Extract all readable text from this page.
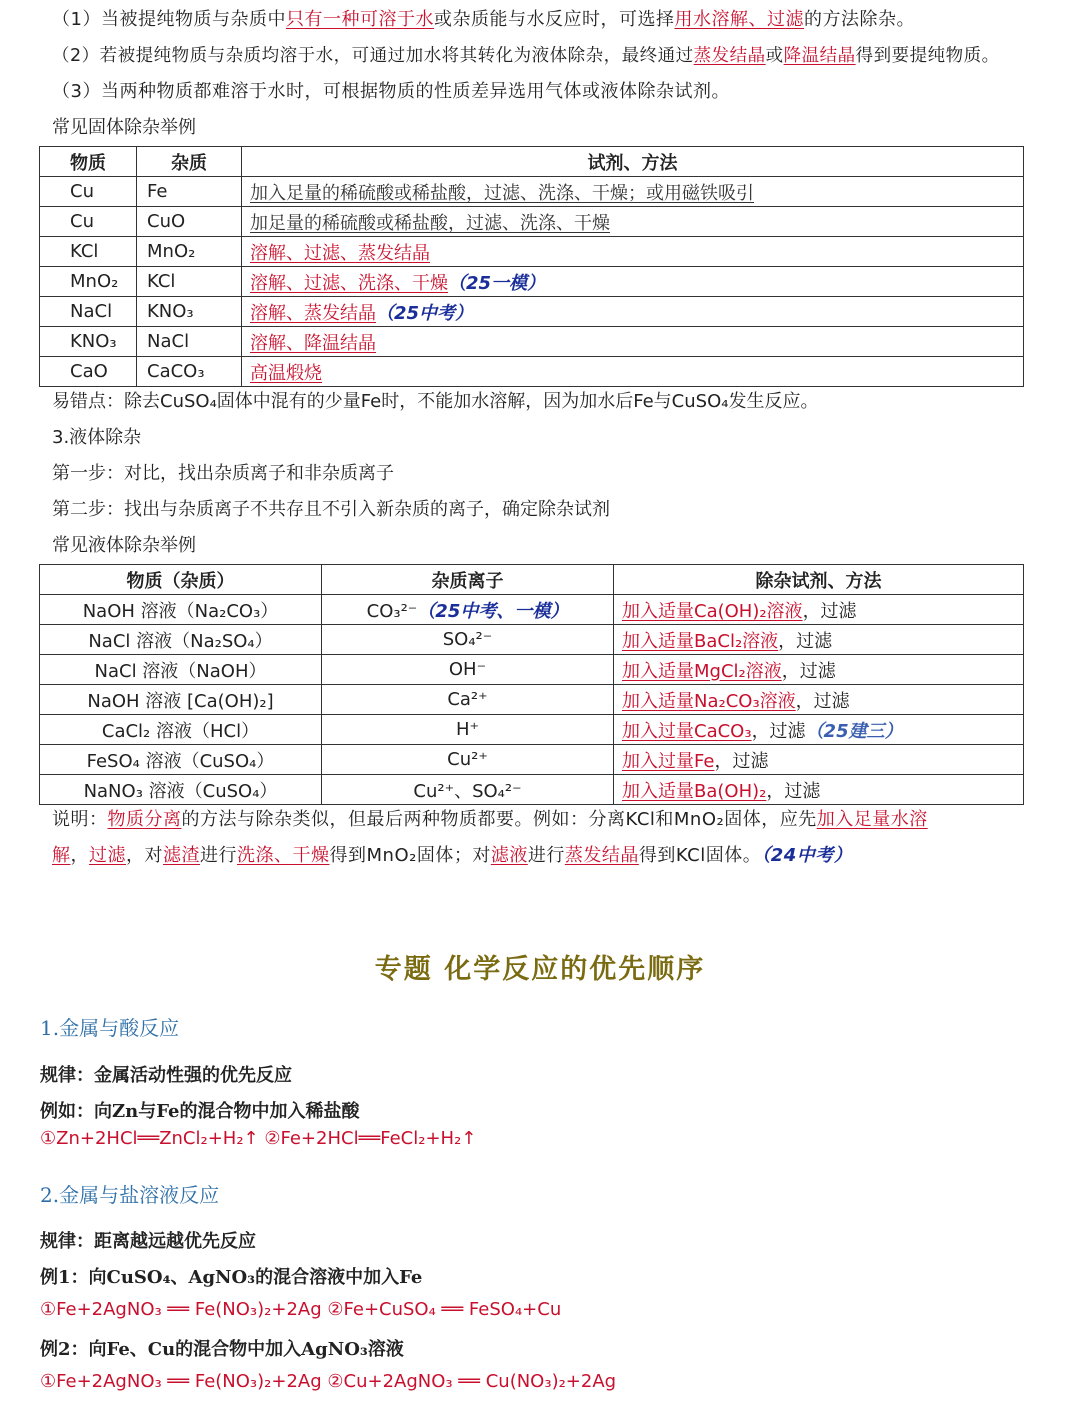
（1）当被提纯物质与杂质中只有一种可溶于水或杂质能与水反应时，可选择用水溶解、过滤的方法除杂。
（2）若被提纯物质与杂质均溶于水，可通过加水将其转化为液体除杂，最终通过蒸发结晶或降温结晶得到要提纯物质。
（3）当两种物质都难溶于水时，可根据物质的性质差异选用气体或液体除杂试剂。
常见固体除杂举例
物质	杂质	试剂、方法
Cu	Fe	加入足量的稀硫酸或稀盐酸，过滤、洗涤、干燥；或用磁铁吸引
Cu	CuO	加足量的稀硫酸或稀盐酸，过滤、洗涤、干燥
KCl	MnO₂	溶解、过滤、蒸发结晶
MnO₂	KCl	溶解、过滤、洗涤、干燥（25一模）
NaCl	KNO₃	溶解、蒸发结晶（25中考）
KNO₃	NaCl	溶解、降温结晶
CaO	CaCO₃	高温煅烧
易错点：除去CuSO₄固体中混有的少量Fe时，不能加水溶解，因为加水后Fe与CuSO₄发生反应。
3.液体除杂
第一步：对比，找出杂质离子和非杂质离子
第二步：找出与杂质离子不共存且不引入新杂质的离子，确定除杂试剂
常见液体除杂举例
物质（杂质）	杂质离子	除杂试剂、方法
NaOH 溶液（Na₂CO₃）	CO₃²⁻（25中考、一模）	加入适量Ca(OH)₂溶液，过滤
NaCl 溶液（Na₂SO₄）	SO₄²⁻	加入适量BaCl₂溶液，过滤
NaCl 溶液（NaOH）	OH⁻	加入适量MgCl₂溶液，过滤
NaOH 溶液 [Ca(OH)₂]	Ca²⁺	加入适量Na₂CO₃溶液，过滤
CaCl₂ 溶液（HCl）	H⁺	加入过量CaCO₃，过滤（25建三）
FeSO₄ 溶液（CuSO₄）	Cu²⁺	加入过量Fe，过滤
NaNO₃ 溶液（CuSO₄）	Cu²⁺、SO₄²⁻	加入适量Ba(OH)₂，过滤
说明：物质分离的方法与除杂类似，但最后两种物质都要。例如：分离KCl和MnO₂固体，应先加入足量水溶
解，过滤，对滤渣进行洗涤、干燥得到MnO₂固体；对滤液进行蒸发结晶得到KCl固体。（24中考）
专题 化学反应的优先顺序
1.金属与酸反应
规律：金属活动性强的优先反应
例如：向Zn与Fe的混合物中加入稀盐酸
①Zn+2HCl══ZnCl₂+H₂↑ ②Fe+2HCl══FeCl₂+H₂↑
2.金属与盐溶液反应
规律：距离越远越优先反应
例1：向CuSO₄、AgNO₃的混合溶液中加入Fe
①Fe+2AgNO₃ ══ Fe(NO₃)₂+2Ag ②Fe+CuSO₄ ══ FeSO₄+Cu
例2：向Fe、Cu的混合物中加入AgNO₃溶液
①Fe+2AgNO₃ ══ Fe(NO₃)₂+2Ag ②Cu+2AgNO₃ ══ Cu(NO₃)₂+2Ag
